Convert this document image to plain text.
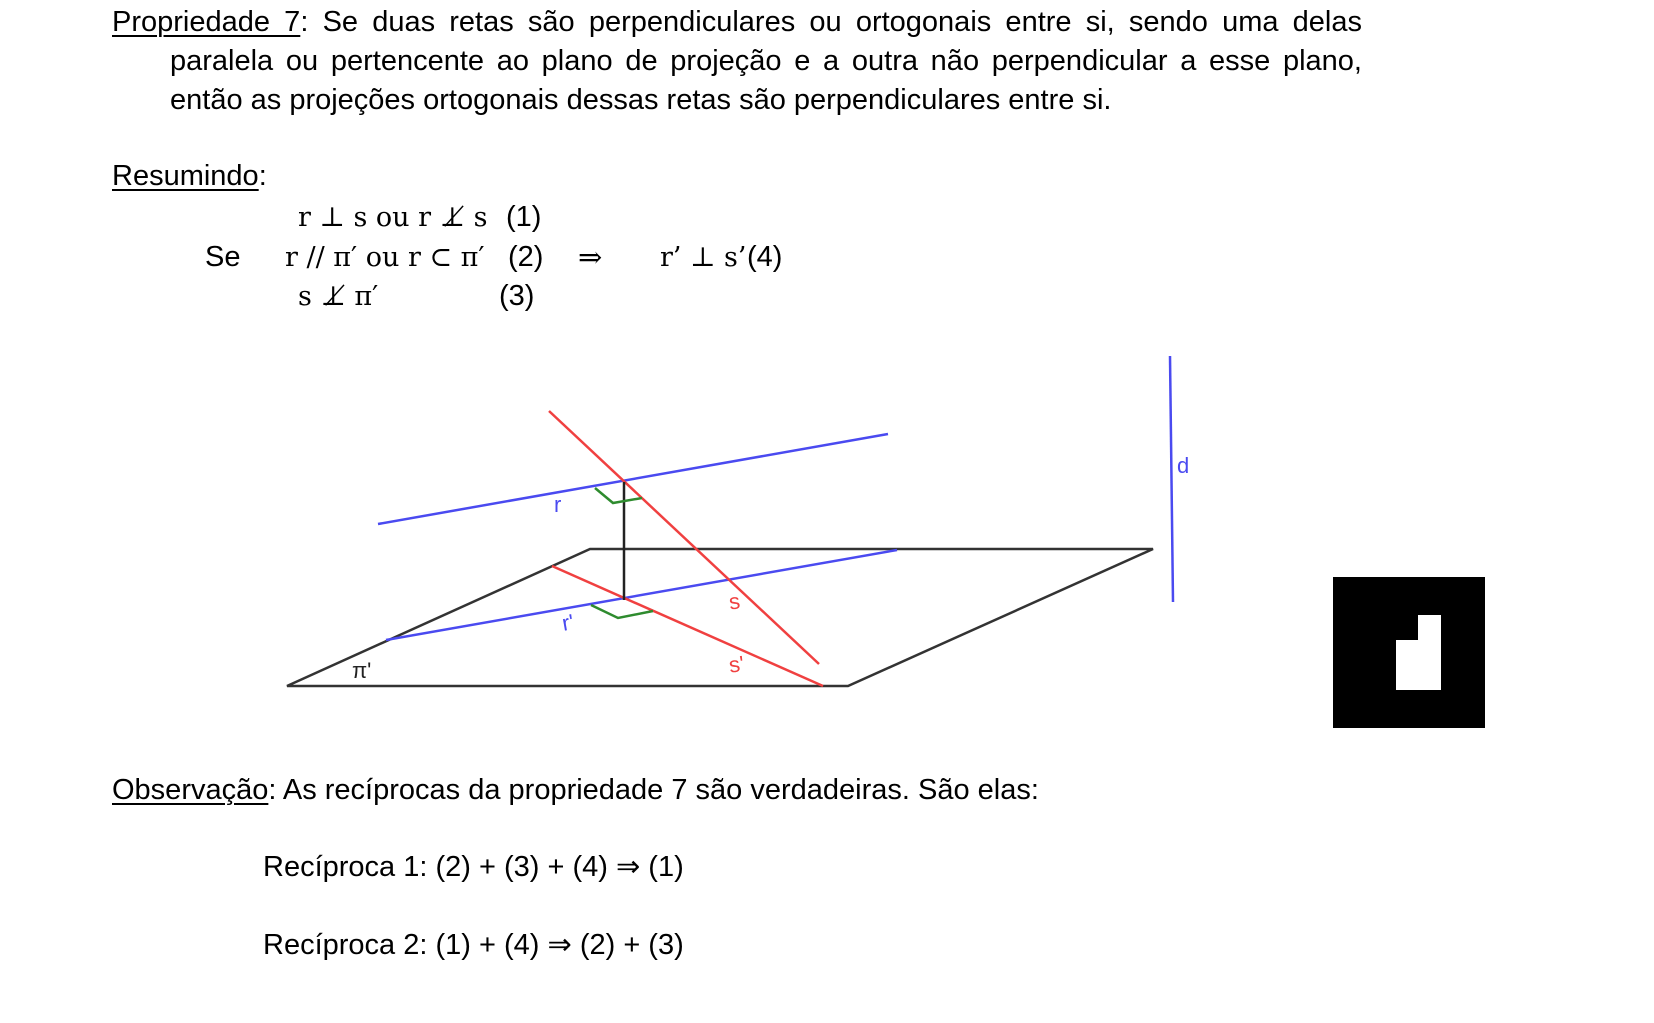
Propriedade 7: Se duas retas são perpendiculares ou ortogonais entre si, sendo uma delas
paralela ou pertencente ao plano de projeção e a outra não perpendicular a esse plano,
então as projeções ortogonais dessas retas são perpendiculares entre si.
Resumindo:
Se
r ⊥ s ou r ⊥̸ s (1)
r // π′ ou r ⊂ π′ (2)
s ⊥̸ π′	(3)
⇒ r’ ⊥ s’ (4)
r
r'
s
s'
π'
d
Observação: As recíprocas da propriedade 7 são verdadeiras. São elas:
Recíproca 1: (2) + (3) + (4) ⇒ (1)
Recíproca 2: (1) + (4) ⇒ (2) + (3)
